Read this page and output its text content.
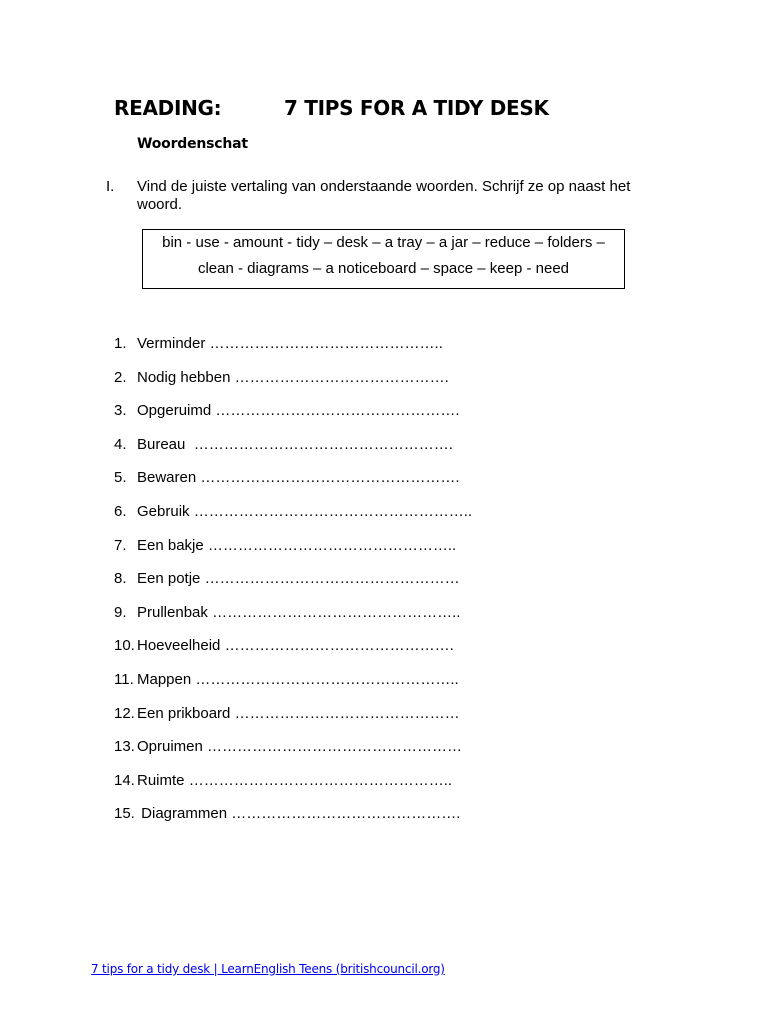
READING:	7 TIPS FOR A TIDY DESK
Woordenschat
I. Vind de juiste vertaling van onderstaande woorden. Schrijf ze op naast het woord.
bin - use - amount - tidy – desk – a tray – a jar – reduce – folders –
clean - diagrams – a noticeboard – space – keep - need
1. Verminder ………………………………………..
2. Nodig hebben …………………………………….
3. Opgeruimd ………………………………………….
4. Bureau …………………………………………….
5. Bewaren …………………………………………….
6. Gebruik ………………………………………………..
7. Een bakje …………………………………………..
8. Een potje ……………………………………………
9. Prullenbak …………………………………………..
10. Hoeveelheid ……………………………………….
11. Mappen ……………………………………………..
12. Een prikboard ………………………………………
13. Opruimen ……………………………………………
14. Ruimte ……………………………………………..
15. Diagrammen ……………………………………….
7 tips for a tidy desk | LearnEnglish Teens (britishcouncil.org)
